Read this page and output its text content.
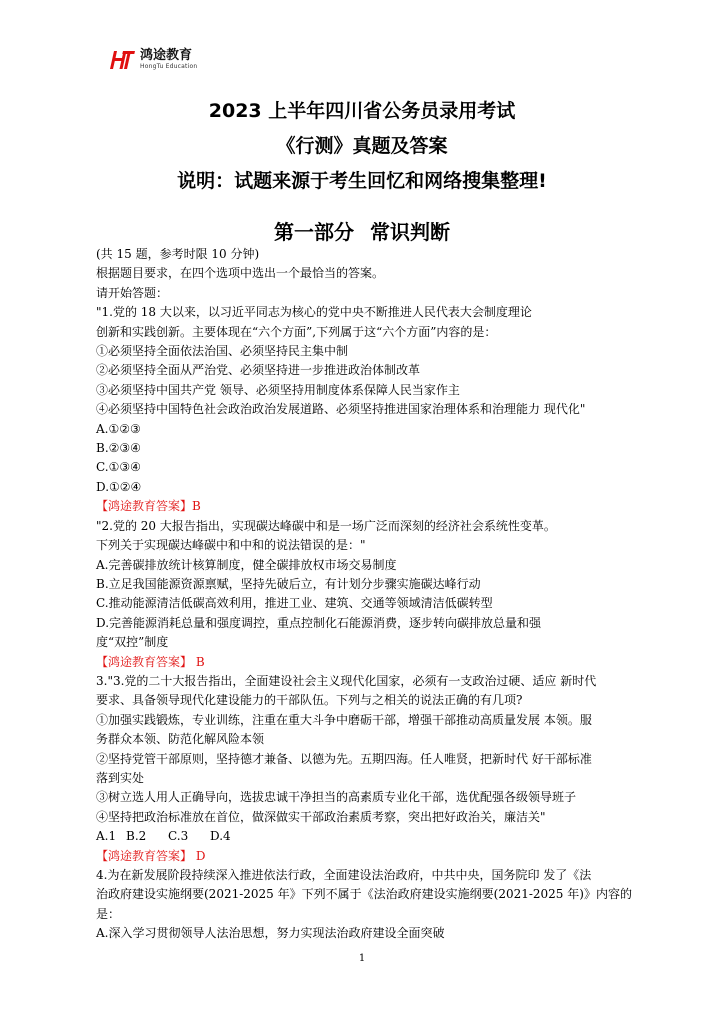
鸿途教育
HongTu Education
2023 上半年四川省公务员录用考试
《行测》真题及答案
说明：试题来源于考生回忆和网络搜集整理!
第一部分 常识判断

(共 15 题，参考时限 10 分钟)

根据题目要求，在四个选项中选出一个最恰当的答案。

请开始答题：

"1.党的 18 大以来，以习近平同志为核心的党中央不断推进人民代表大会制度理论

创新和实践创新。主要体现在“六个方面”,下列属于这“六个方面”内容的是：

①必须坚持全面依法治国、必须坚持民主集中制

②必须坚持全面从严治党、必须坚持进一步推进政治体制改革

③必须坚持中国共产党 领导、必须坚持用制度体系保障人民当家作主

④必须坚持中国特色社会政治政治发展道路、必须坚持推进国家治理体系和治理能力 现代化"

A.①②③

B.②③④

C.①③④

D.①②④

【鸿途教育答案】B

"2.党的 20 大报告指出，实现碳达峰碳中和是一场广泛而深刻的经济社会系统性变革。

下列关于实现碳达峰碳中和中和的说法错误的是："

A.完善碳排放统计核算制度，健全碳排放权市场交易制度

B.立足我国能源资源禀赋，坚持先破后立，有计划分步骤实施碳达峰行动

C.推动能源清洁低碳高效利用，推进工业、建筑、交通等领域清洁低碳转型

D.完善能源消耗总量和强度调控，重点控制化石能源消费，逐步转向碳排放总量和强

度“双控”制度

【鸿途教育答案】 B

3."3.党的二十大报告指出，全面建设社会主义现代化国家，必须有一支政治过硬、适应 新时代

要求、具备领导现代化建设能力的干部队伍。下列与之相关的说法正确的有几项?

①加强实践锻炼，专业训练，注重在重大斗争中磨砺干部，增强干部推动高质量发展 本领。服

务群众本领、防范化解风险本领

②坚持党管干部原则，坚持德才兼备、以德为先。五期四海。任人唯贤，把新时代 好干部标准

落到实处

③树立选人用人正确导向，选拔忠诚干净担当的高素质专业化干部，选优配强各级领导班子

④坚持把政治标准放在首位，做深做实干部政治素质考察，突出把好政治关，廉洁关"

A.1 B.2 C.3 D.4

【鸿途教育答案】 D

4.为在新发展阶段持续深入推进依法行政，全面建设法治政府，中共中央，国务院印 发了《法

治政府建设实施纲要(2021-2025 年》下列不属于《法治政府建设实施纲要(2021-2025 年)》内容的

是：

A.深入学习贯彻领导人法治思想，努力实现法治政府建设全面突破

1
